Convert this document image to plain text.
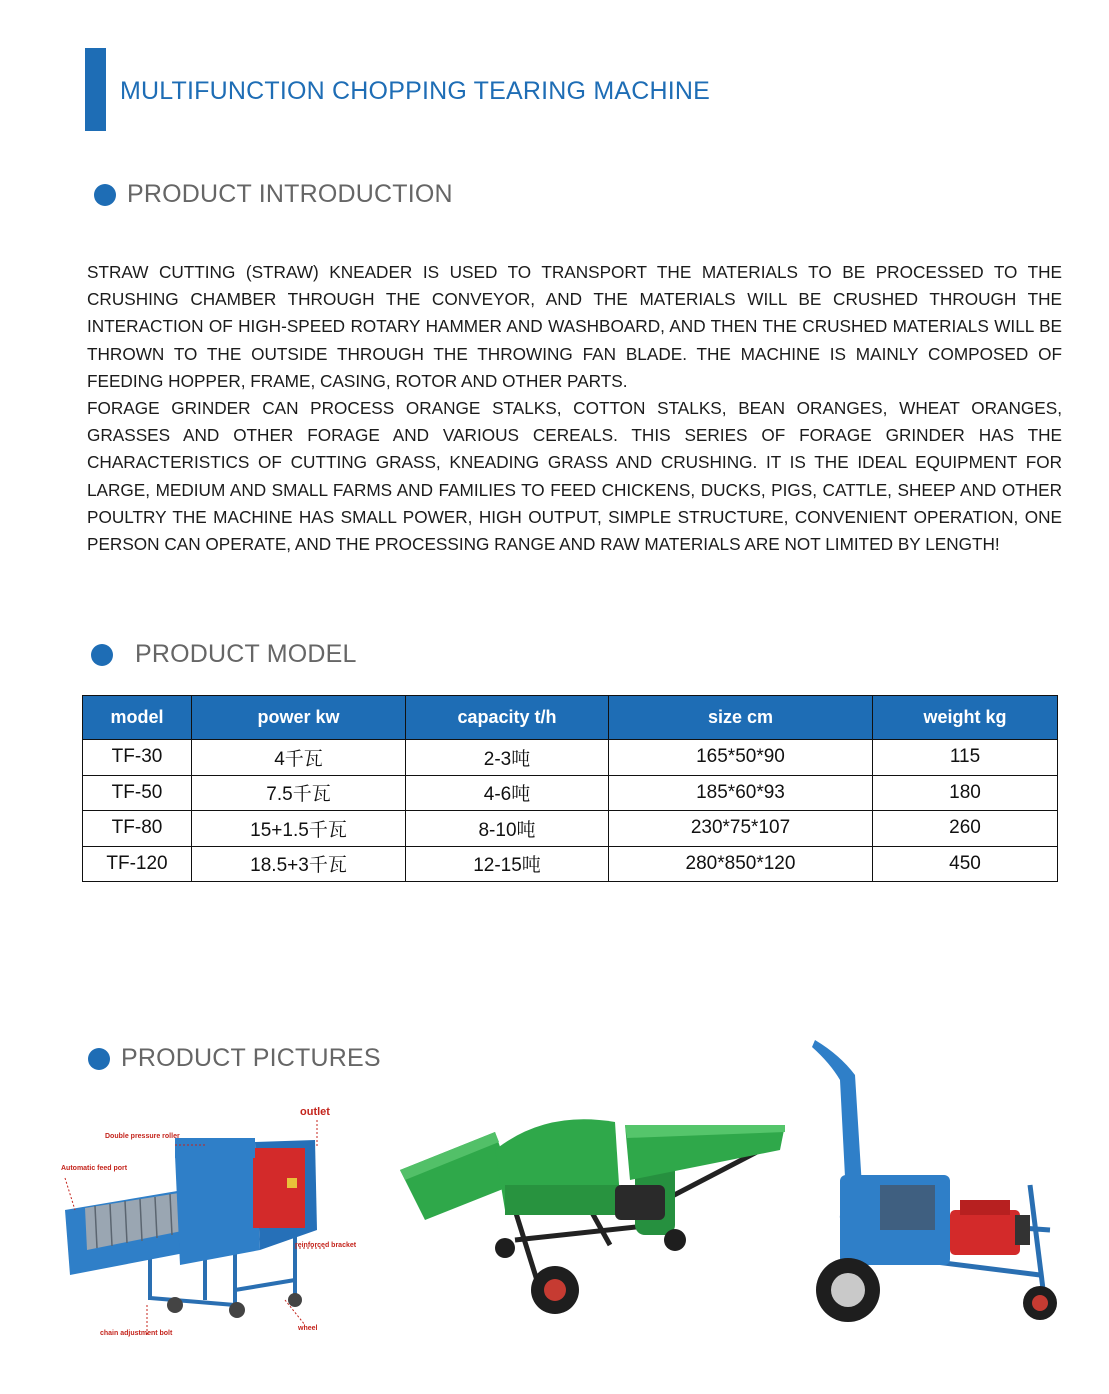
MULTIFUNCTION CHOPPING TEARING MACHINE
PRODUCT INTRODUCTION

STRAW CUTTING (STRAW) KNEADER IS USED TO TRANSPORT THE MATERIALS TO BE PROCESSED TO THE CRUSHING CHAMBER THROUGH THE CONVEYOR, AND THE MATERIALS WILL BE CRUSHED THROUGH THE INTERACTION OF HIGH-SPEED ROTARY HAMMER AND WASHBOARD, AND THEN THE CRUSHED MATERIALS WILL BE THROWN TO THE OUTSIDE THROUGH THE THROWING FAN BLADE. THE MACHINE IS MAINLY COMPOSED OF FEEDING HOPPER, FRAME, CASING, ROTOR AND OTHER PARTS.

FORAGE GRINDER CAN PROCESS ORANGE STALKS, COTTON STALKS, BEAN ORANGES, WHEAT ORANGES, GRASSES AND OTHER FORAGE AND VARIOUS CEREALS. THIS SERIES OF FORAGE GRINDER HAS THE CHARACTERISTICS OF CUTTING GRASS, KNEADING GRASS AND CRUSHING. IT IS THE IDEAL EQUIPMENT FOR LARGE, MEDIUM AND SMALL FARMS AND FAMILIES TO FEED CHICKENS, DUCKS, PIGS, CATTLE, SHEEP AND OTHER POULTRY THE MACHINE HAS SMALL POWER, HIGH OUTPUT, SIMPLE STRUCTURE, CONVENIENT OPERATION, ONE PERSON CAN OPERATE, AND THE PROCESSING RANGE AND RAW MATERIALS ARE NOT LIMITED BY LENGTH!

PRODUCT MODEL
model	power kw	capacity t/h	size cm	weight kg
TF-30	4千瓦	2-3吨	165*50*90	115
TF-50	7.5千瓦	4-6吨	185*60*93	180
TF-80	15+1.5千瓦	8-10吨	230*75*107	260
TF-120	18.5+3千瓦	12-15吨	280*850*120	450
PRODUCT PICTURES
outlet
Double pressure roller
Automatic feed port
reinforced bracket
wheel
chain adjustment bolt
